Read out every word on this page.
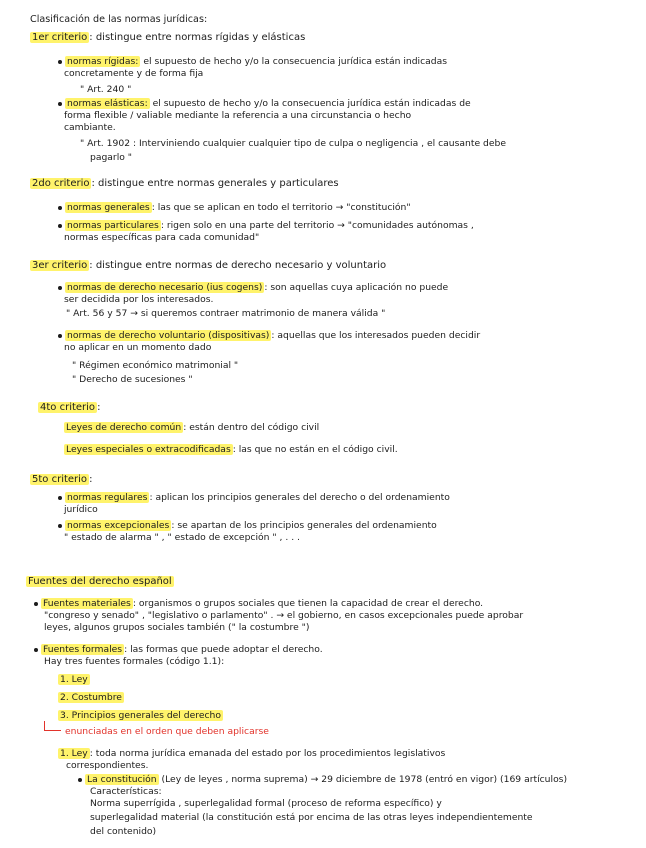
Clasificación de las normas jurídicas:
1er criterio : distingue entre normas rígidas y elásticas
normas rígidas: el supuesto de hecho y/o la consecuencia jurídica están indicadas
concretamente y de forma fija
" Art. 240 "
normas elásticas: el supuesto de hecho y/o la consecuencia jurídica están indicadas de
forma flexible / valiable mediante la referencia a una circunstancia o hecho
cambiante.
" Art. 1902 : Interviniendo cualquier cualquier tipo de culpa o negligencia , el causante debe
pagarlo "
2do criterio : distingue entre normas generales y particulares
normas generales : las que se aplican en todo el territorio → "constitución"
normas particulares : rigen solo en una parte del territorio → "comunidades autónomas ,
normas específicas para cada comunidad"
3er criterio : distingue entre normas de derecho necesario y voluntario
normas de derecho necesario (ius cogens) : son aquellas cuya aplicación no puede
ser decidida por los interesados.
" Art. 56 y 57 → si queremos contraer matrimonio de manera válida "
normas de derecho voluntario (dispositivas) : aquellas que los interesados pueden decidir
no aplicar en un momento dado
" Régimen económico matrimonial "
" Derecho de sucesiones "
4to criterio :
Leyes de derecho común : están dentro del código civil
Leyes especiales o extracodificadas : las que no están en el código civil.
5to criterio :
normas regulares : aplican los principios generales del derecho o del ordenamiento
jurídico
normas excepcionales : se apartan de los principios generales del ordenamiento
" estado de alarma " , " estado de excepción " , . . .
Fuentes del derecho español
Fuentes materiales : organismos o grupos sociales que tienen la capacidad de crear el derecho.
"congreso y senado" , "legislativo o parlamento" . → el gobierno, en casos excepcionales puede aprobar
leyes, algunos grupos sociales también (" la costumbre ")
Fuentes formales : las formas que puede adoptar el derecho.
Hay tres fuentes formales (código 1.1):
1. Ley
2. Costumbre
3. Principios generales del derecho
enunciadas en el orden que deben aplicarse
1. Ley : toda norma jurídica emanada del estado por los procedimientos legislativos
correspondientes.
La constitución (Ley de leyes , norma suprema) → 29 diciembre de 1978 (entró en vigor) (169 artículos)
Características:
Norma superrígida , superlegalidad formal (proceso de reforma específico) y
superlegalidad material (la constitución está por encima de las otras leyes independientemente
del contenido)
